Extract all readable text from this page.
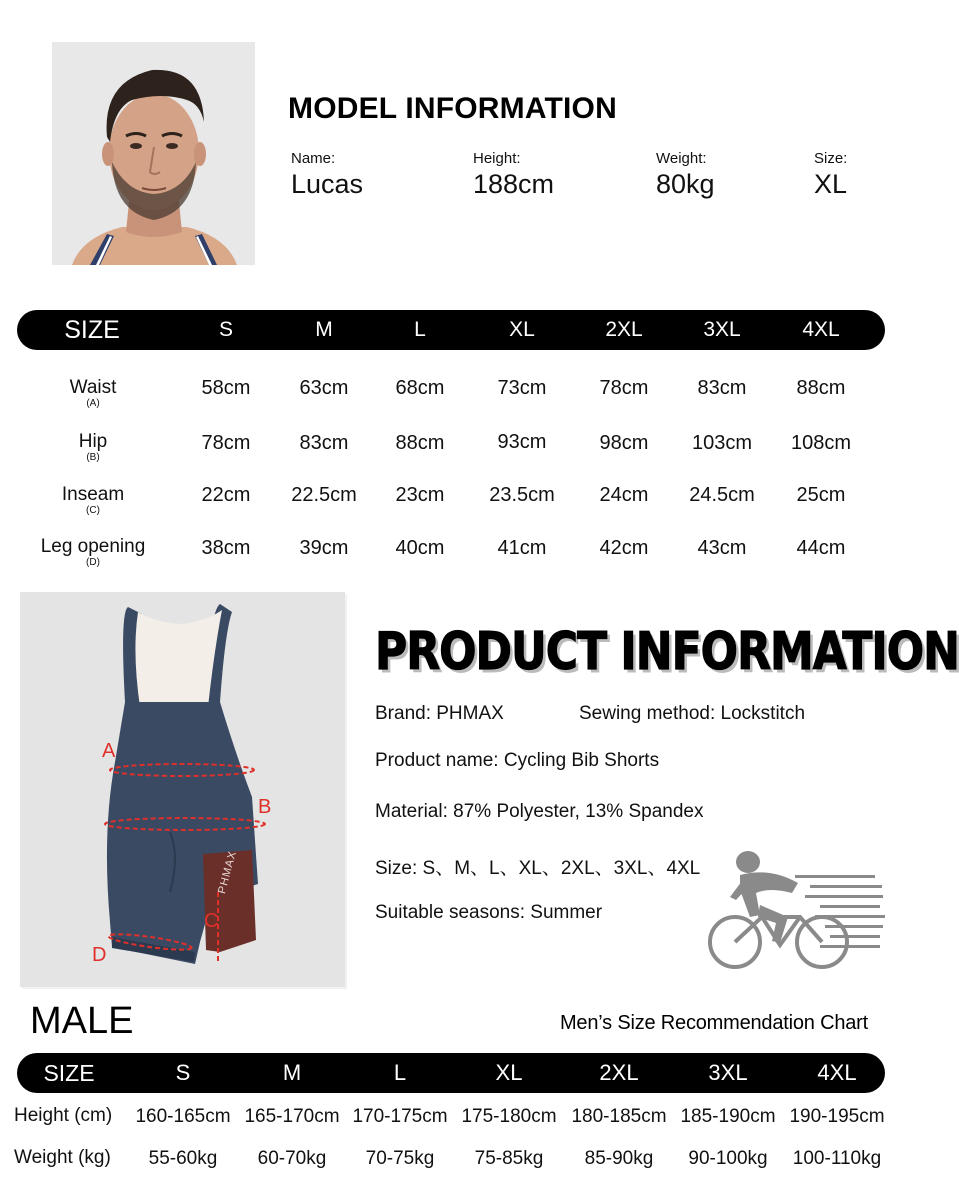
MODEL INFORMATION
Name:
Lucas
Height:
188cm
Weight:
80kg
Size:
XL
SIZE	S	M	L	XL	2XL	3XL	4XL
Waist
(A)
58cm	63cm	68cm	73cm	78cm	83cm	88cm
Hip
(B)
78cm	83cm	88cm	93cm	98cm	103cm	108cm
Inseam
(C)
22cm	22.5cm	23cm	23.5cm	24cm	24.5cm	25cm
Leg opening
(D)
38cm	39cm	40cm	41cm	42cm	43cm	44cm
A
B
C
D
PHMAX
PRODUCT INFORMATION
Brand: PHMAX	Sewing method: Lockstitch
Product name: Cycling Bib Shorts
Material: 87% Polyester, 13% Spandex
Size: S、M、L、XL、2XL、3XL、4XL
Suitable seasons: Summer
MALE	Men’s Size Recommendation Chart
SIZE	S	M	L	XL	2XL	3XL	4XL
Height (cm)	160-165cm 165-170cm 170-175cm 175-180cm 180-185cm 185-190cm 190-195cm
Weight (kg)	55-60kg	60-70kg	70-75kg	75-85kg	85-90kg	90-100kg	100-110kg
